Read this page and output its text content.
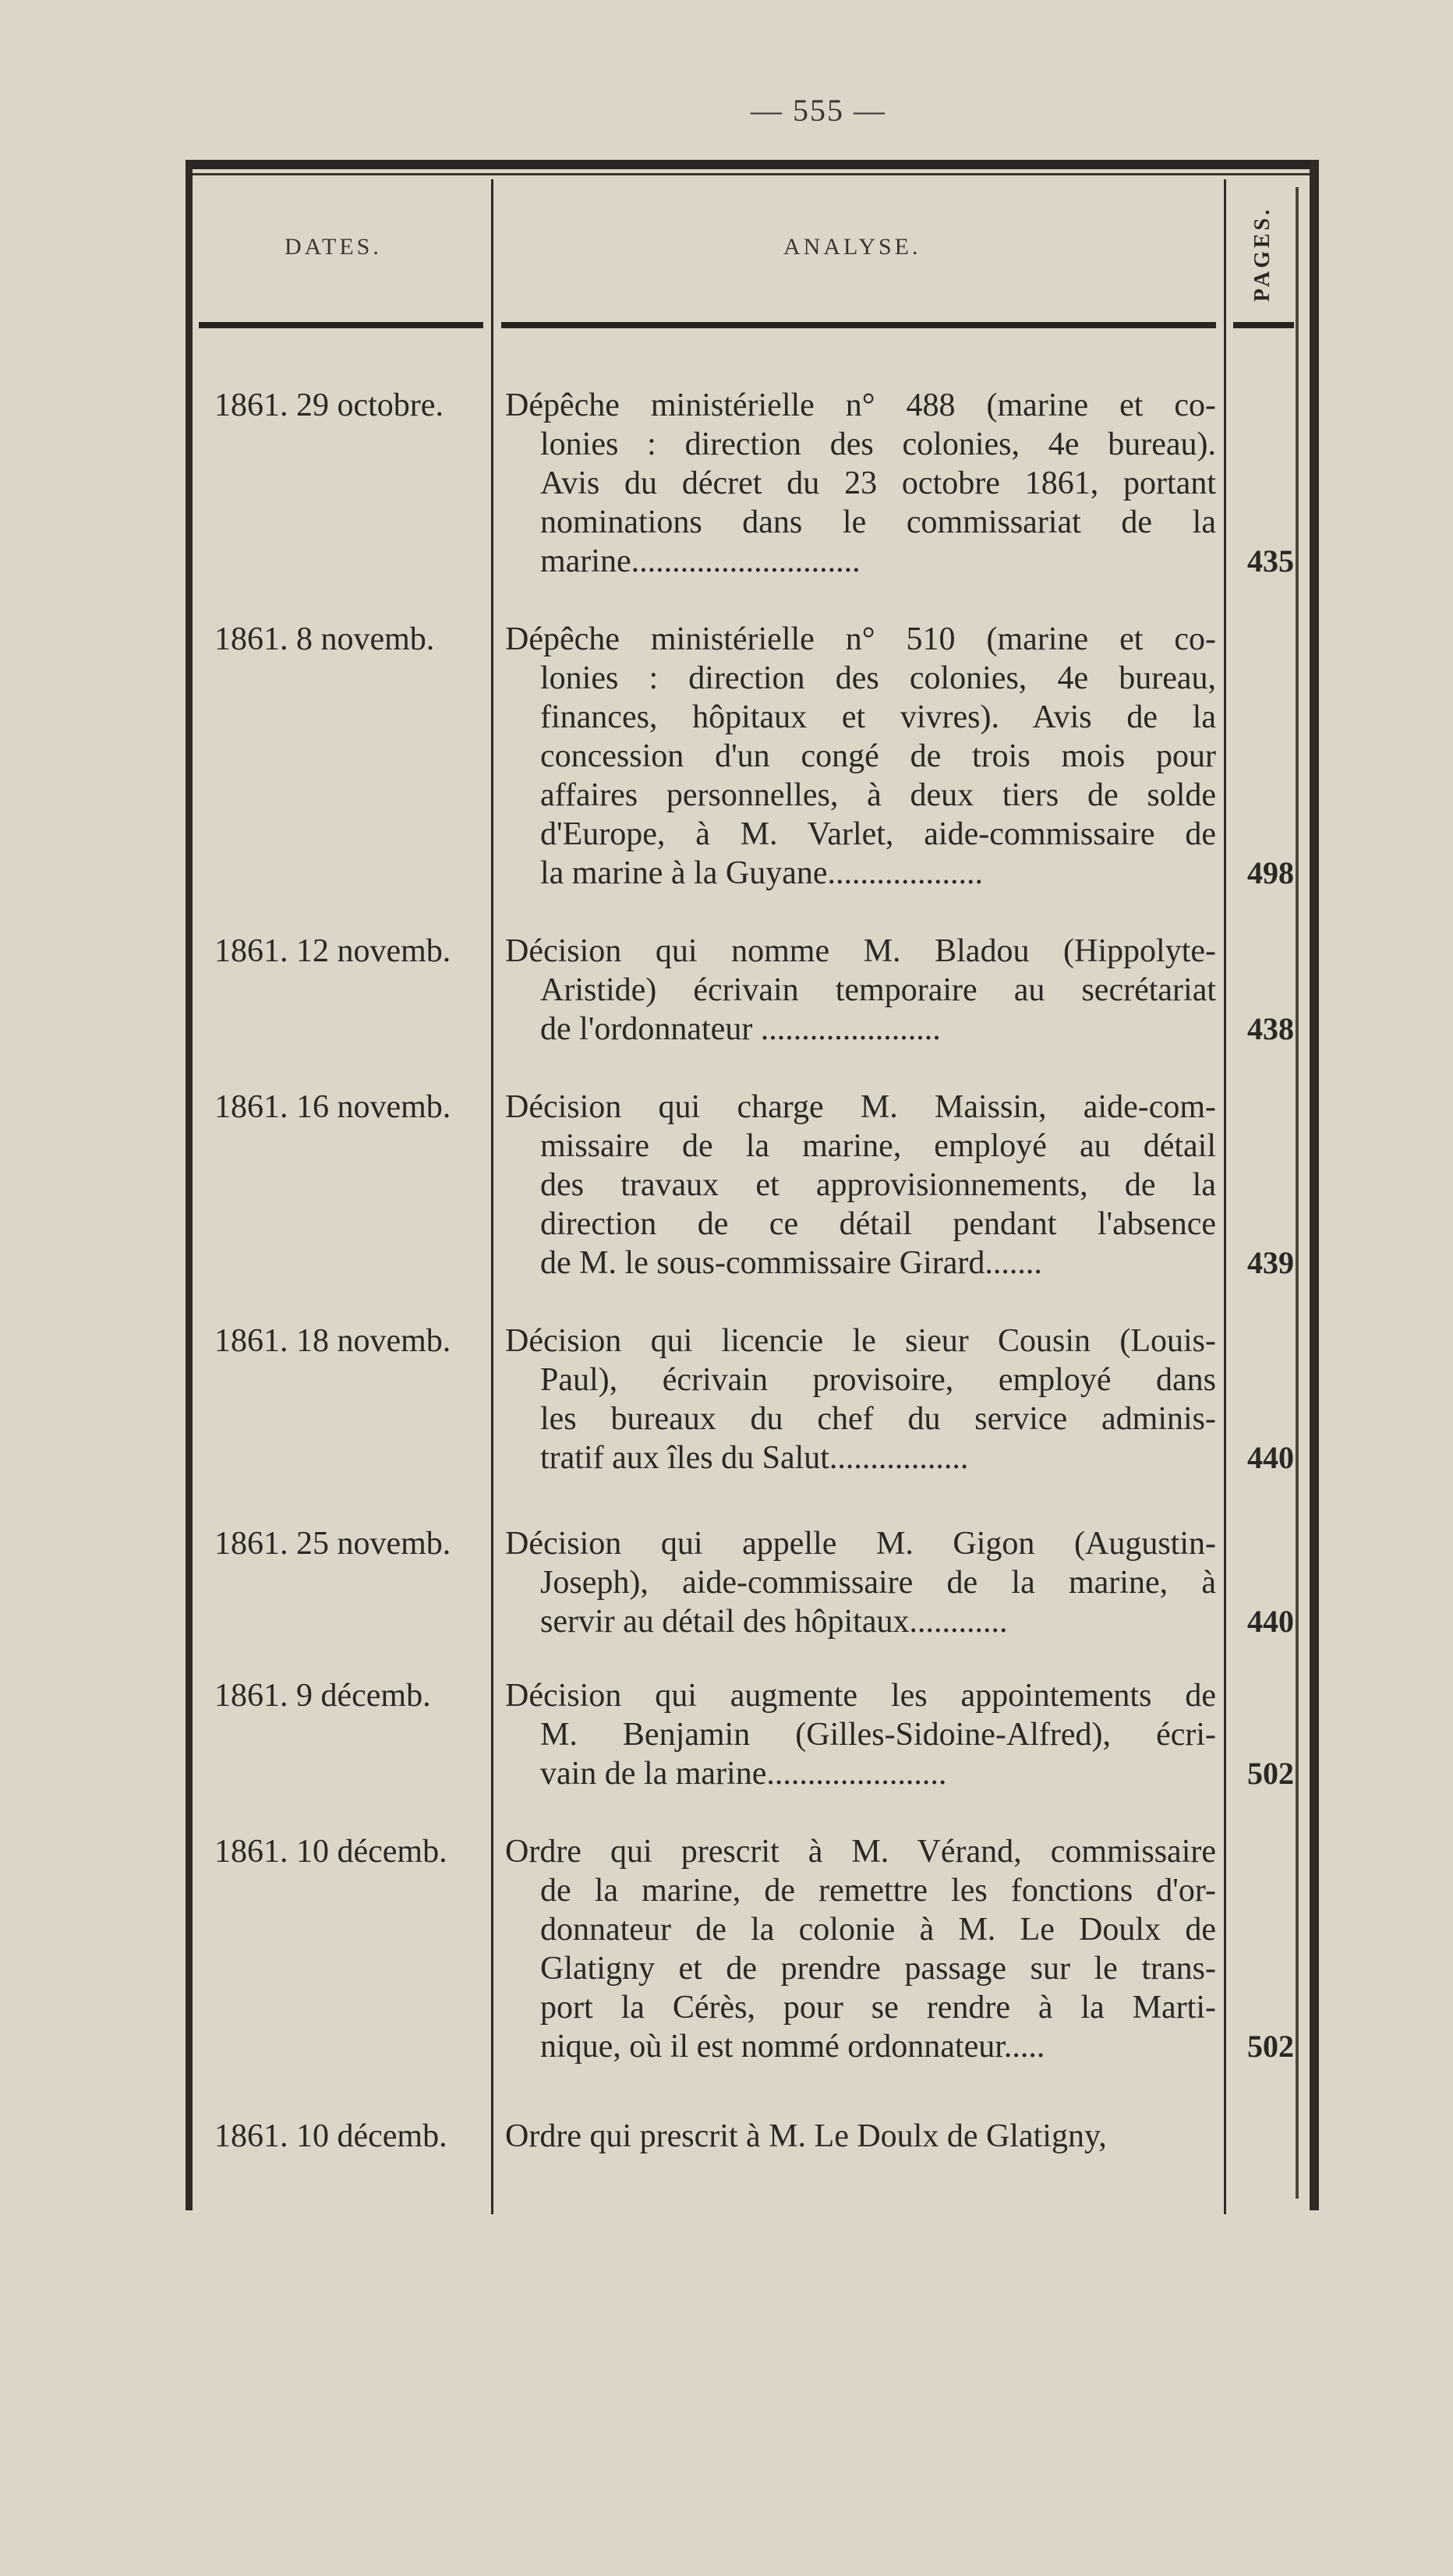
— 555 —
DATES.	ANALYSE.	PAGES.
1861. 29 octobre.	Dépêche ministérielle n° 488 (marine et co-
lonies : direction des colonies, 4e bureau).
Avis du décret du 23 octobre 1861, portant
nominations dans le commissariat de la
marine............................	435
1861. 8 novemb.	Dépêche ministérielle n° 510 (marine et co-
lonies : direction des colonies, 4e bureau,
finances, hôpitaux et vivres). Avis de la
concession d'un congé de trois mois pour
affaires personnelles, à deux tiers de solde
d'Europe, à M. Varlet, aide-commissaire de
la marine à la Guyane...................	498
1861. 12 novemb.	Décision qui nomme M. Bladou (Hippolyte-
Aristide) écrivain temporaire au secrétariat
de l'ordonnateur ......................	438
1861. 16 novemb.	Décision qui charge M. Maissin, aide-com-
missaire de la marine, employé au détail
des travaux et approvisionnements, de la
direction de ce détail pendant l'absence
de M. le sous-commissaire Girard.......	439
1861. 18 novemb.	Décision qui licencie le sieur Cousin (Louis-
Paul), écrivain provisoire, employé dans
les bureaux du chef du service adminis-
tratif aux îles du Salut.................	440
1861. 25 novemb.	Décision qui appelle M. Gigon (Augustin-
Joseph), aide-commissaire de la marine, à
servir au détail des hôpitaux............	440
1861. 9 décemb.	Décision qui augmente les appointements de
M. Benjamin (Gilles-Sidoine-Alfred), écri-
vain de la marine......................	502
1861. 10 décemb.	Ordre qui prescrit à M. Vérand, commissaire
de la marine, de remettre les fonctions d'or-
donnateur de la colonie à M. Le Doulx de
Glatigny et de prendre passage sur le trans-
port la Cérès, pour se rendre à la Marti-
nique, où il est nommé ordonnateur.....	502
1861. 10 décemb.	Ordre qui prescrit à M. Le Doulx de Glatigny,
